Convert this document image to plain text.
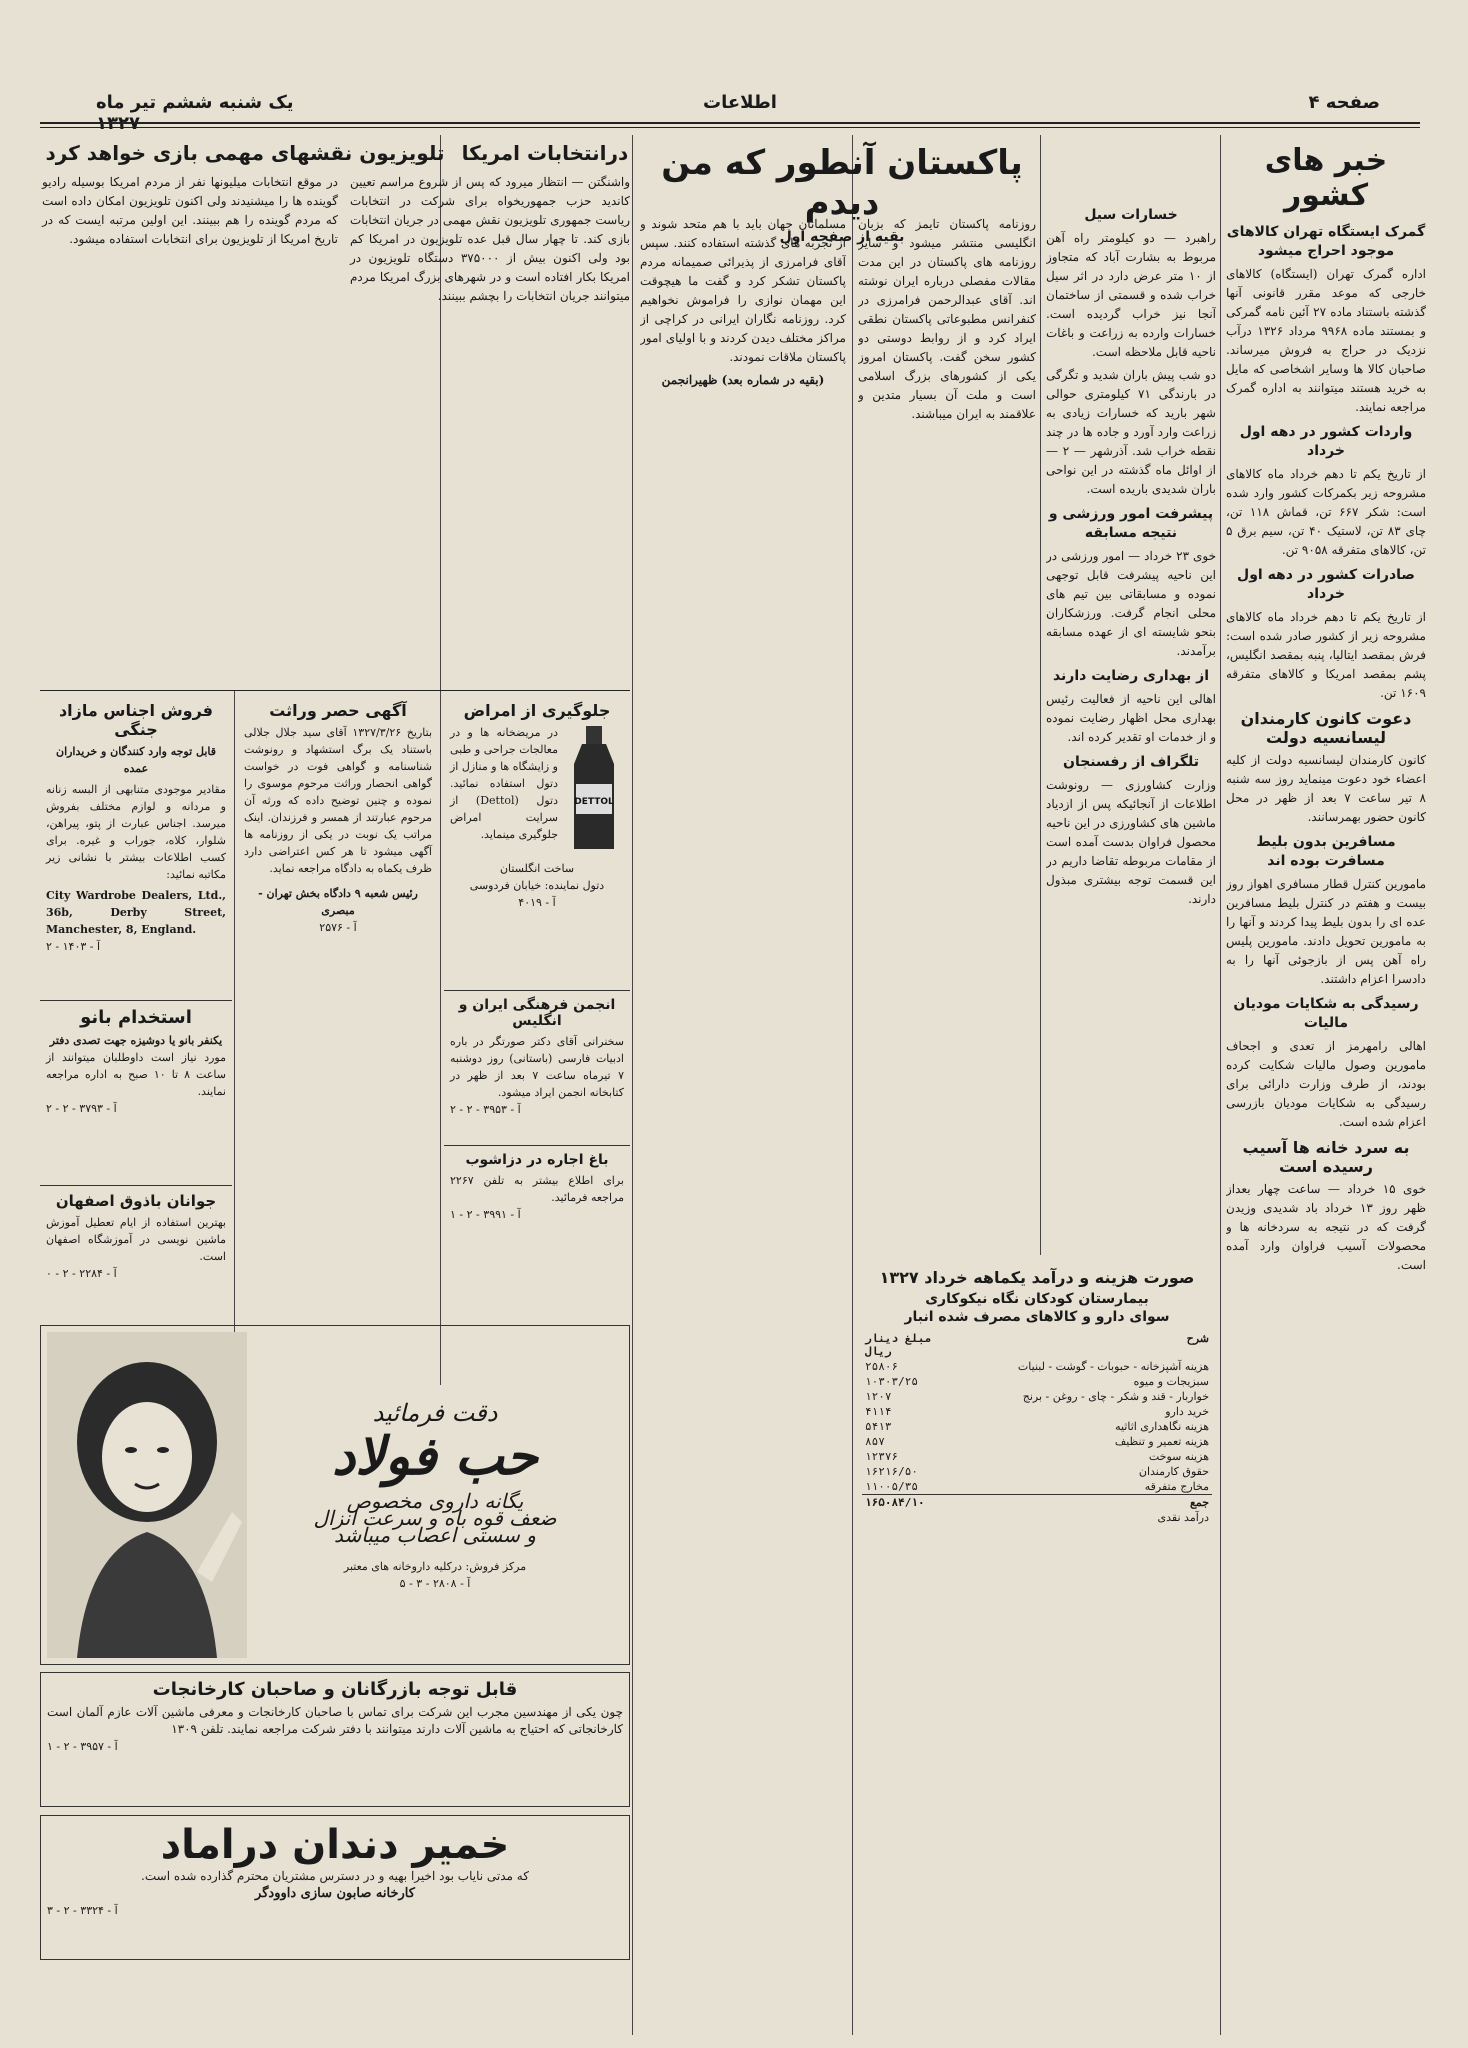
یک شنبه ششم تیر ماه	اطلاعات	صفحه ۴
خبر های کشور
گمرک ایستگاه تهران کالاهای موجود احراج میشود

اداره گمرک تهران (ایستگاه) کالاهای خارجی که موعد مقرر قانونی آنها گذشته باستناد ماده ۲۷ آئین نامه گمرکی و بمستند ماده ۹۹۶۸ مرداد ۱۳۲۶ درآب نزدیک در حراج به فروش میرساند. صاحبان کالا ها وسایر اشخاصی که مایل به خرید هستند میتوانند به اداره گمرک مراجعه نمایند.

واردات کشور در دهه اول خرداد

از تاریخ یکم تا دهم خرداد ماه کالاهای مشروحه زیر بکمرکات کشور وارد شده است: شکر ۶۶۷ تن، قماش ۱۱۸ تن، چای ۸۳ تن، لاستیک ۴۰ تن، سیم برق ۵ تن، کالاهای متفرقه ۹۰۵۸ تن.

صادرات کشور در دهه اول خرداد

از تاریخ یکم تا دهم خرداد ماه کالاهای مشروحه زیر از کشور صادر شده است: فرش بمقصد ایتالیا، پنبه بمقصد انگلیس، پشم بمقصد امریکا و کالاهای متفرقه ۱۶۰۹ تن.

دعوت کانون کارمندان لیسانسیه دولت

کانون کارمندان لیسانسیه دولت از کلیه اعضاء خود دعوت مینماید روز سه شنبه ۸ تیر ساعت ۷ بعد از ظهر در محل کانون حضور بهمرسانند.

مسافرین بدون بلیط مسافرت بوده اند

مامورین کنترل قطار مسافری اهواز روز بیست و هفتم در کنترل بلیط مسافرین عده ای را بدون بلیط پیدا کردند و آنها را به مامورین تحویل دادند. مامورین پلیس راه آهن پس از بازجوئی آنها را به دادسرا اعزام داشتند.

رسیدگی به شکایات مودیان مالیات

اهالی رامهرمز از تعدی و اجحاف مامورین وصول مالیات شکایت کرده بودند، از طرف وزارت دارائی برای رسیدگی به شکایات مودیان بازرسی اعزام شده است.

به سرد خانه ها آسیب رسیده است

خوی ۱۵ خرداد — ساعت چهار بعداز ظهر روز ۱۳ خرداد باد شدیدی وزیدن گرفت که در نتیجه به سردخانه ها و محصولات آسیب فراوان وارد آمده است.

خسارات سیل

راهبرد — دو کیلومتر راه آهن مربوط به بشارت آباد که متجاوز از ۱۰ متر عرض دارد در اثر سیل خراب شده و قسمتی از ساختمان آنجا نیز خراب گردیده است. خسارات وارده به زراعت و باغات ناحیه قابل ملاحظه است.

دو شب پیش باران شدید و تگرگی در بارندگی ۷۱ کیلومتری حوالی شهر بارید که خسارات زیادی به زراعت وارد آورد و جاده ها در چند نقطه خراب شد. آذرشهر — ۲ — از اوائل ماه گذشته در این نواحی باران شدیدی باریده است.

پیشرفت امور ورزشی و نتیجه مسابقه

خوی ۲۳ خرداد — امور ورزشی در این ناحیه پیشرفت قابل توجهی نموده و مسابقاتی بین تیم های محلی انجام گرفت. ورزشکاران بنحو شایسته ای از عهده مسابقه برآمدند.

از بهداری رضایت دارند

اهالی این ناحیه از فعالیت رئیس بهداری محل اظهار رضایت نموده و از خدمات او تقدیر کرده اند.

تلگراف از رفسنجان

وزارت کشاورزی — رونوشت اطلاعات از آنجائیکه پس از ازدیاد ماشین های کشاورزی در این ناحیه محصول فراوان بدست آمده است از مقامات مربوطه تقاضا داریم در این قسمت توجه بیشتری مبذول دارند.

صورت هزینه و درآمد یکماهه خرداد ۱۳۲۷
بیمارستان کودکان نگاه نیکوکاری
سوای دارو و کالاهای مصرف شده انبار
شرح	مبلغ دینار ریال
هزینه آشپزخانه - حبوبات - گوشت - لبنیات	۲۵۸۰۶
سبزیجات و میوه	۱۰۳۰۳/۲۵
خواربار - قند و شکر - چای - روغن - برنج	۱۲۰۷
خرید دارو	۴۱۱۴
هزینه نگاهداری اثاثیه	۵۴۱۳
هزینه تعمیر و تنظیف	۸۵۷
هزینه سوخت	۱۲۳۷۶
حقوق کارمندان	۱۶۲۱۶/۵۰
مخارج متفرقه	۱۱۰۰۵/۳۵
جمع	۱۶۵۰۸۴/۱۰
درآمد نقدی	
پاکستان آنطور که من دیدم
بقیه از صفحه اول
روزنامه پاکستان تایمز که بزبان انگلیسی منتشر میشود و سایر روزنامه های پاکستان در این مدت مقالات مفصلی درباره ایران نوشته اند. آقای عبدالرحمن فرامرزی در کنفرانس مطبوعاتی پاکستان نطقی ایراد کرد و از روابط دوستی دو کشور سخن گفت. پاکستان امروز یکی از کشورهای بزرگ اسلامی است و ملت آن بسیار متدین و علاقمند به ایران میباشند.

مسلمانان جهان باید با هم متحد شوند و از تجربه های گذشته استفاده کنند. سپس آقای فرامرزی از پذیرائی صمیمانه مردم پاکستان تشکر کرد و گفت ما هیچوقت این مهمان نوازی را فراموش نخواهیم کرد. روزنامه نگاران ایرانی در کراچی از مراکز مختلف دیدن کردند و با اولیای امور پاکستان ملاقات نمودند.

(بقیه در شماره بعد) ظهیرانجمن

درانتخابات امریکا
تلویزیون نقشهای مهمی بازی خواهد کرد
واشنگتن — انتظار میرود که پس از شروع مراسم تعیین کاندید حزب جمهوریخواه برای شرکت در انتخابات ریاست جمهوری تلویزیون نقش مهمی در جریان انتخابات بازی کند. تا چهار سال قبل عده تلویزیون در امریکا کم بود ولی اکنون بیش از ۳۷۵۰۰۰ دستگاه تلویزیون در امریکا بکار افتاده است و در شهرهای بزرگ امریکا مردم میتوانند جریان انتخابات را بچشم ببینند.
در موقع انتخابات میلیونها نفر از مردم امریکا بوسیله رادیو گوینده ها را میشنیدند ولی اکنون تلویزیون امکان داده است که مردم گوینده را هم ببینند. این اولین مرتبه ایست که در تاریخ امریکا از تلویزیون برای انتخابات استفاده میشود.
جلوگیری از امراض
DETTOL
در مریضخانه ها و در معالجات جراحی و طبی و زایشگاه ها و منازل از دتول استفاده نمائید. دتول (Dettol) از سرایت امراض جلوگیری مینماید.
ساخت انگلستان
دتول نماینده: خیابان فردوسی
آ - ۴۰۱۹
آگهی حصر وراثت
بتاریخ ۱۳۲۷/۳/۲۶ آقای سید جلال جلالی باستناد یک برگ استشهاد و رونوشت شناسنامه و گواهی فوت در خواست گواهی انحصار وراثت مرحوم موسوی را نموده و چنین توضیح داده که ورثه آن مرحوم عبارتند از همسر و فرزندان. اینک مراتب یک نوبت در یکی از روزنامه ها آگهی میشود تا هر کس اعتراضی دارد ظرف یکماه به دادگاه مراجعه نماید.
رئیس شعبه ۹ دادگاه بخش تهران - مبصری
آ - ۲۵۷۶
انجمن فرهنگی ایران و انگلیس
سخنرانی آقای دکتر صورتگر در باره ادبیات فارسی (باستانی) روز دوشنبه ۷ تیرماه ساعت ۷ بعد از ظهر در کتابخانه انجمن ایراد میشود.
آ - ۳۹۵۳ - ۲ - ۲
باغ اجاره در دزاشوب
برای اطلاع بیشتر به تلفن ۲۲۶۷ مراجعه فرمائید.
آ - ۳۹۹۱ - ۲ - ۱
فروش اجناس مازاد جنگی
قابل توجه وارد کنندگان و خریداران عمده
مقادیر موجودی متنابهی از البسه زنانه و مردانه و لوازم مختلف بفروش میرسد. اجناس عبارت از پتو، پیراهن، شلوار، کلاه، جوراب و غیره. برای کسب اطلاعات بیشتر با نشانی زیر مکاتبه نمائید:
City Wardrobe Dealers, Ltd., 36b, Derby Street, Manchester, 8, England.
آ - ۱۴۰۳ - ۲
استخدام بانو
یکنفر بانو یا دوشیزه جهت تصدی دفتر
مورد نیاز است داوطلبان میتوانند از ساعت ۸ تا ۱۰ صبح به اداره مراجعه نمایند.
آ - ۳۷۹۳ - ۲ - ۲
جوانان باذوق اصفهان
بهترین استفاده از ایام تعطیل آموزش ماشین نویسی در آموزشگاه اصفهان است.
آ - ۲۲۸۴ - ۲ - ۰
دقت فرمائید
حب فولاد
یگانه داروی مخصوص
ضعف قوه باه و سرعت انزال
و سستی اعصاب میباشد
مرکز فروش: درکلیه داروخانه های معتبر
آ - ۲۸۰۸ - ۳ - ۵
قابل توجه بازرگانان و صاحبان کارخانجات
چون یکی از مهندسین مجرب این شرکت برای تماس با صاحبان کارخانجات و معرفی ماشین آلات عازم آلمان است کارخانجاتی که احتیاج به ماشین آلات دارند میتوانند با دفتر شرکت مراجعه نمایند. تلفن ۱۳۰۹
آ - ۳۹۵۷ - ۲ - ۱
خمیر دندان دراماد
که مدتی نایاب بود اخیرا بهیه و در دسترس مشتریان محترم گذارده شده است.
کارخانه صابون سازی داوودگر
آ - ۳۳۲۴ - ۲ - ۳
